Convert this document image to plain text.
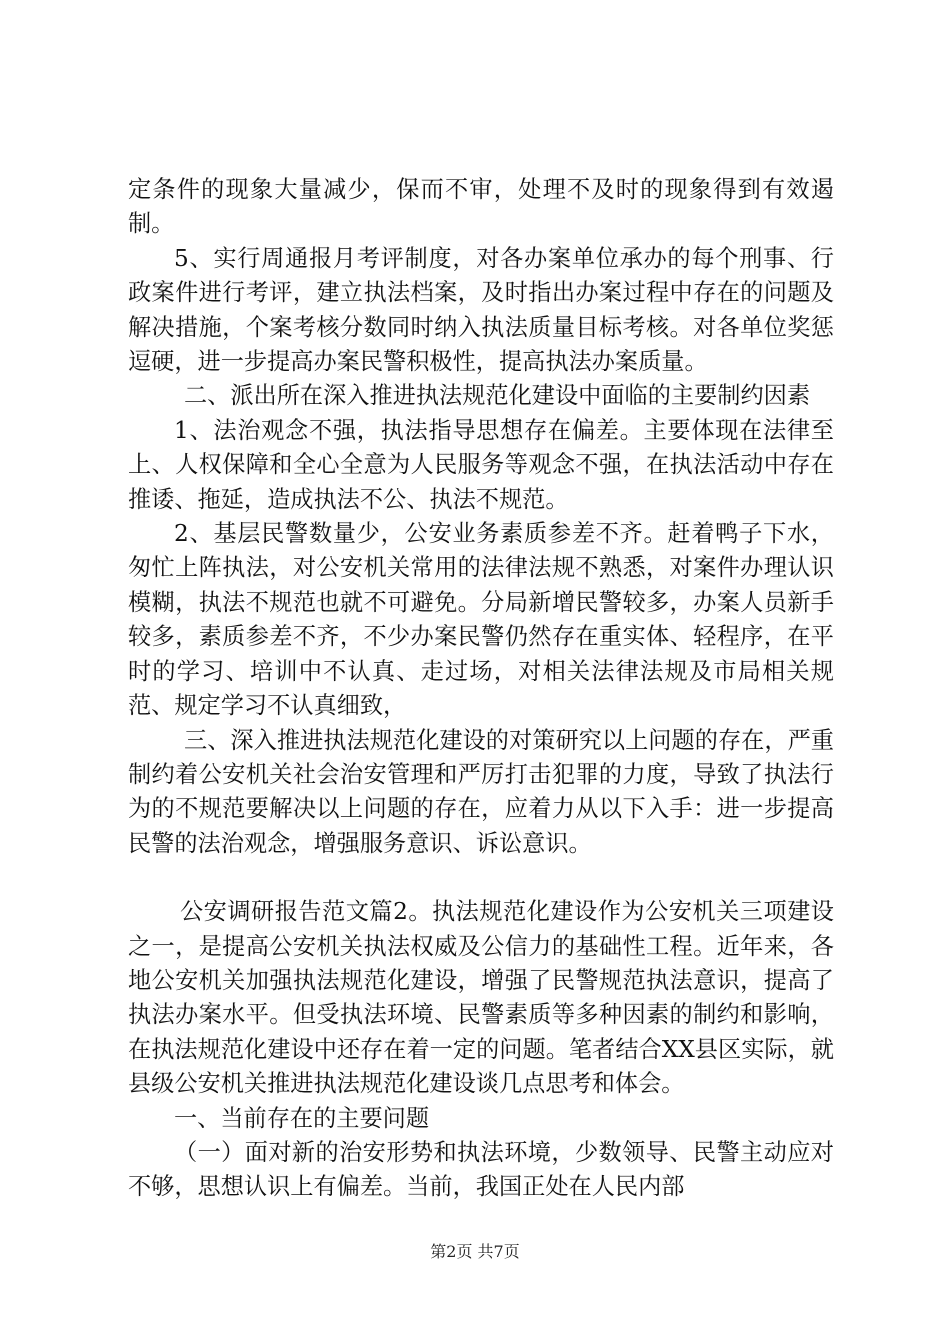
定条件的现象大量减少，保而不审，处理不及时的现象得到有效遏制。

5、实行周通报月考评制度，对各办案单位承办的每个刑事、行政案件进行考评，建立执法档案，及时指出办案过程中存在的问题及解决措施，个案考核分数同时纳入执法质量目标考核。对各单位奖惩逗硬，进一步提高办案民警积极性，提高执法办案质量。

二、派出所在深入推进执法规范化建设中面临的主要制约因素

1、法治观念不强，执法指导思想存在偏差。主要体现在法律至上、人权保障和全心全意为人民服务等观念不强，在执法活动中存在推诿、拖延，造成执法不公、执法不规范。

2、基层民警数量少，公安业务素质参差不齐。赶着鸭子下水，匆忙上阵执法，对公安机关常用的法律法规不熟悉，对案件办理认识模糊，执法不规范也就不可避免。分局新增民警较多，办案人员新手较多，素质参差不齐，不少办案民警仍然存在重实体、轻程序，在平时的学习、培训中不认真、走过场，对相关法律法规及市局相关规范、规定学习不认真细致，

三、深入推进执法规范化建设的对策研究以上问题的存在，严重制约着公安机关社会治安管理和严厉打击犯罪的力度，导致了执法行为的不规范要解决以上问题的存在，应着力从以下入手：进一步提高民警的法治观念，增强服务意识、诉讼意识。

公安调研报告范文篇2。执法规范化建设作为公安机关三项建设之一，是提高公安机关执法权威及公信力的基础性工程。近年来，各地公安机关加强执法规范化建设，增强了民警规范执法意识，提高了执法办案水平。但受执法环境、民警素质等多种因素的制约和影响，在执法规范化建设中还存在着一定的问题。笔者结合XX县区实际，就县级公安机关推进执法规范化建设谈几点思考和体会。

一、当前存在的主要问题

（一）面对新的治安形势和执法环境，少数领导、民警主动应对不够，思想认识上有偏差。当前，我国正处在人民内部

第2页 共7页
